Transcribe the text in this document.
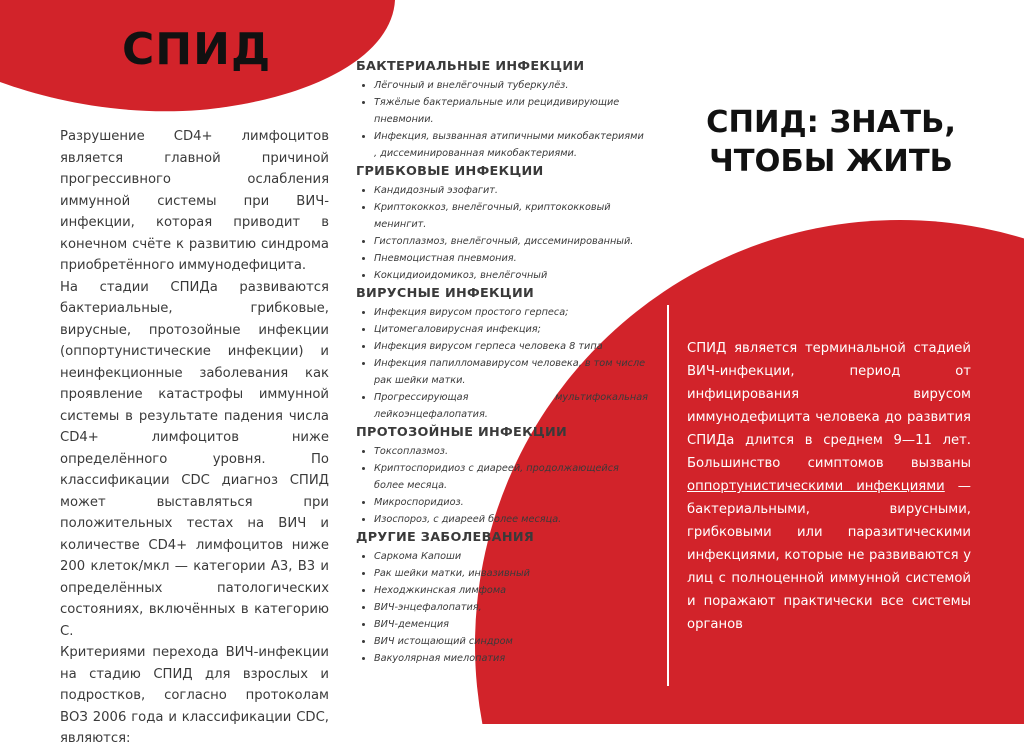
СПИД

Разрушение CD4+ лимфоцитов является главной причиной прогрессивного ослабления иммунной системы при ВИЧ-инфекции, которая приводит в конечном счёте к развитию синдрома приобретённого иммунодефицита.

На стадии СПИДа развиваются бактериальные, грибковые, вирусные, протозойные инфекции (оппортунистические инфекции) и неинфекционные заболевания как проявление катастрофы иммунной системы в результате падения числа CD4+ лимфоцитов ниже определённого уровня. По классификации CDC диагноз СПИД может выставляться при положительных тестах на ВИЧ и количестве CD4+ лимфоцитов ниже 200 клеток/мкл — категории A3, B3 и определённых патологических состояниях, включённых в категорию C.

Критериями перехода ВИЧ-инфекции на стадию СПИД для взрослых и подростков, согласно протоколам ВОЗ 2006 года и классификации CDC, являются:

БАКТЕРИАЛЬНЫЕ ИНФЕКЦИИ
• Лёгочный и внелёгочный туберкулёз.
• Тяжёлые бактериальные или рецидивирующие пневмонии.
• Инфекция, вызванная атипичными микобактериями , диссеминированная микобактериями.
ГРИБКОВЫЕ ИНФЕКЦИИ
• Кандидозный эзофагит.
• Криптококкоз, внелёгочный, криптококковый менингит.
• Гистоплазмоз, внелёгочный, диссеминированный.
• Пневмоцистная пневмония.
• Кокцидиоидомикоз, внелёгочный
ВИРУСНЫЕ ИНФЕКЦИИ
• Инфекция вирусом простого герпеса;
• Цитомегаловирусная инфекция;
• Инфекция вирусом герпеса человека 8 типа
• Инфекция папилломавирусом человека, в том числе рак шейки матки.
• Прогрессирующая мультифокальная лейкоэнцефалопатия.
ПРОТОЗОЙНЫЕ ИНФЕКЦИИ
• Токсоплазмоз.
• Криптоспоридиоз с диареей, продолжающейся более месяца.
• Микроспоридиоз.
• Изоспороз, с диареей более месяца.
ДРУГИЕ ЗАБОЛЕВАНИЯ
• Саркома Капоши
• Рак шейки матки, инвазивный
• Неходжкинская лимфома
• ВИЧ-энцефалопатия,
• ВИЧ-деменция
• ВИЧ истощающий синдром
• Вакуолярная миелопатия
СПИД: ЗНАТЬ, ЧТОБЫ ЖИТЬ

СПИД является терминальной стадией ВИЧ-инфекции, период от инфицирования вирусом иммунодефицита человека до развития СПИДа длится в среднем 9—11 лет. Большинство симптомов вызваны оппортунистическими инфекциями — бактериальными, вирусными, грибковыми или паразитическими инфекциями, которые не развиваются у лиц с полноценной иммунной системой и поражают практически все системы органов
